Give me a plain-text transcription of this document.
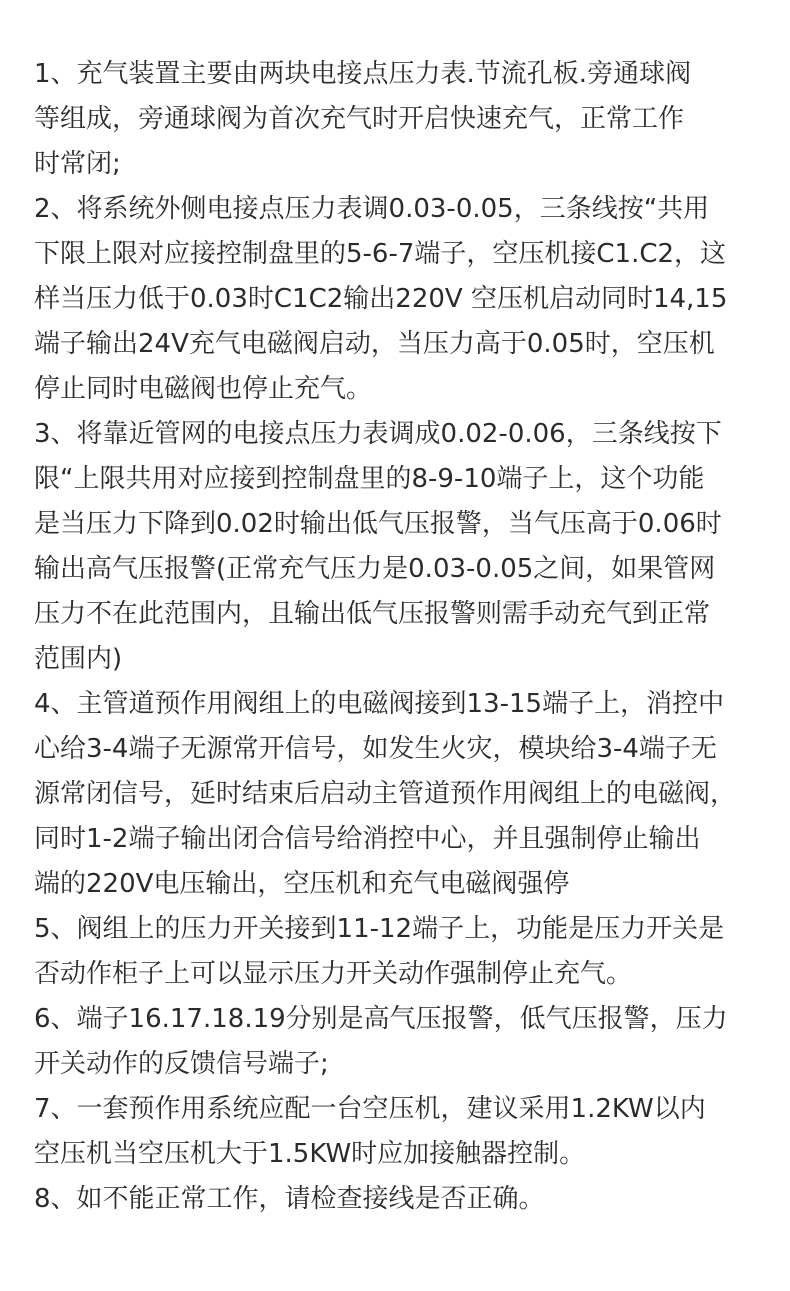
1、充气装置主要由两块电接点压力表.节流孔板.旁通球阀
等组成，旁通球阀为首次充气时开启快速充气，正常工作
时常闭;
2、将系统外侧电接点压力表调0.03-0.05，三条线按“共用
下限上限对应接控制盘里的5-6-7端子，空压机接C1.C2，这
样当压力低于0.03时C1C2输出220V 空压机启动同时14,15
端子输出24V充气电磁阀启动，当压力高于0.05时，空压机
停止同时电磁阀也停止充气。
3、将靠近管网的电接点压力表调成0.02-0.06，三条线按下
限“上限共用对应接到控制盘里的8-9-10端子上，这个功能
是当压力下降到0.02时输出低气压报警，当气压高于0.06时
输出高气压报警(正常充气压力是0.03-0.05之间，如果管网
压力不在此范围内，且输出低气压报警则需手动充气到正常
范围内)
4、主管道预作用阀组上的电磁阀接到13-15端子上，消控中
心给3-4端子无源常开信号，如发生火灾，模块给3-4端子无
源常闭信号，延时结束后启动主管道预作用阀组上的电磁阀，
同时1-2端子输出闭合信号给消控中心，并且强制停止输出
端的220V电压输出，空压机和充气电磁阀强停
5、阀组上的压力开关接到11-12端子上，功能是压力开关是
否动作柜子上可以显示压力开关动作强制停止充气。
6、端子16.17.18.19分别是高气压报警，低气压报警，压力
开关动作的反馈信号端子;
7、一套预作用系统应配一台空压机，建议采用1.2KW以内
空压机当空压机大于1.5KW时应加接触器控制。
8、如不能正常工作，请检查接线是否正确。
